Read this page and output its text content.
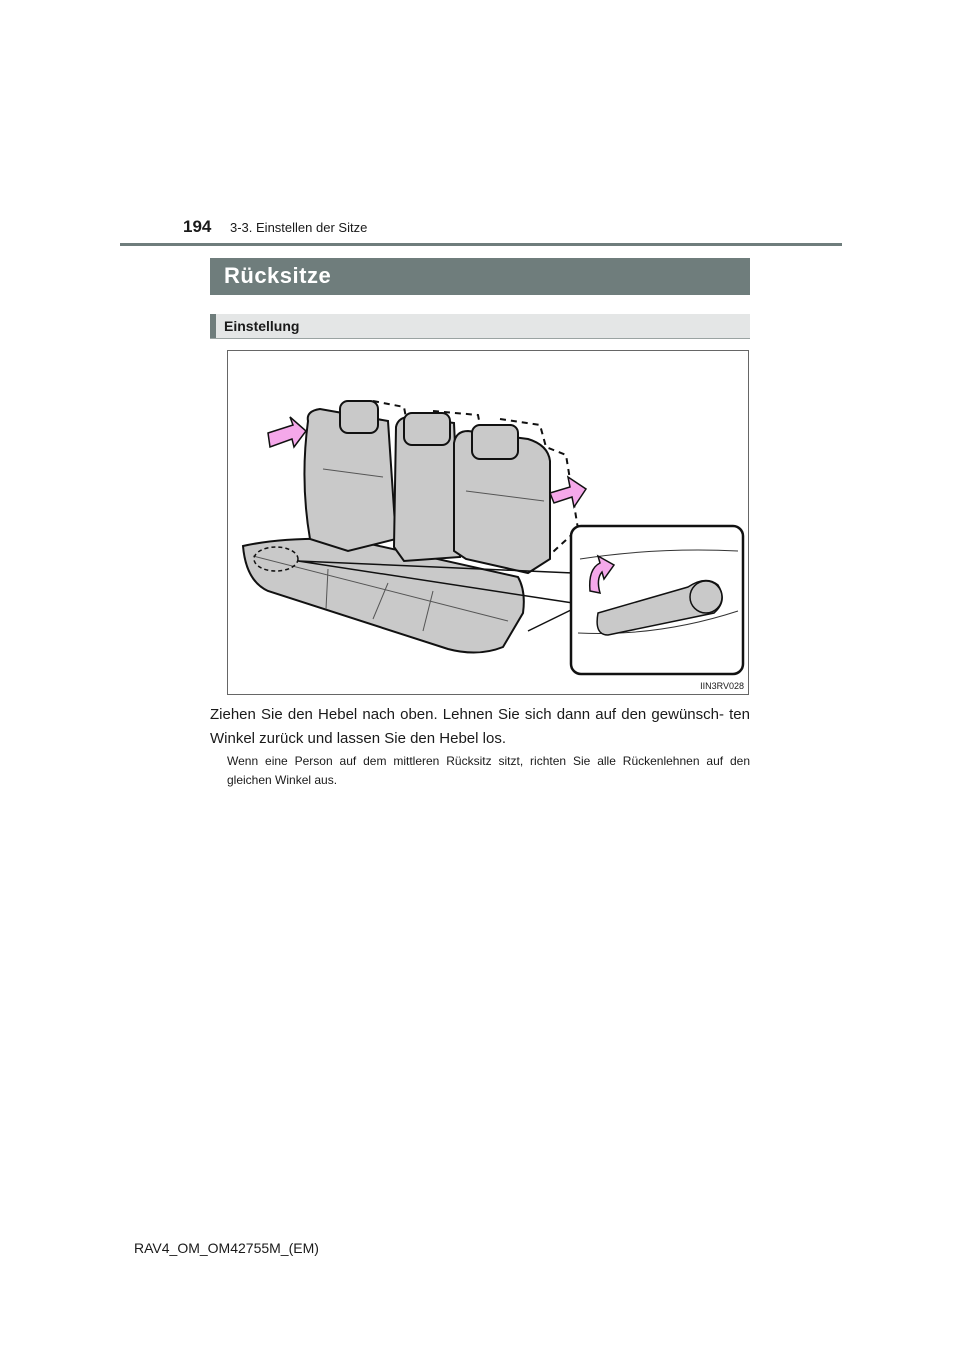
194 3-3. Einstellen der Sitze
Rücksitze
Einstellung
IIN3RV028
Ziehen Sie den Hebel nach oben. Lehnen Sie sich dann auf den gewünsch- ten Winkel zurück und lassen Sie den Hebel los.
Wenn eine Person auf dem mittleren Rücksitz sitzt, richten Sie alle Rückenlehnen auf den gleichen Winkel aus.
RAV4_OM_OM42755M_(EM)
